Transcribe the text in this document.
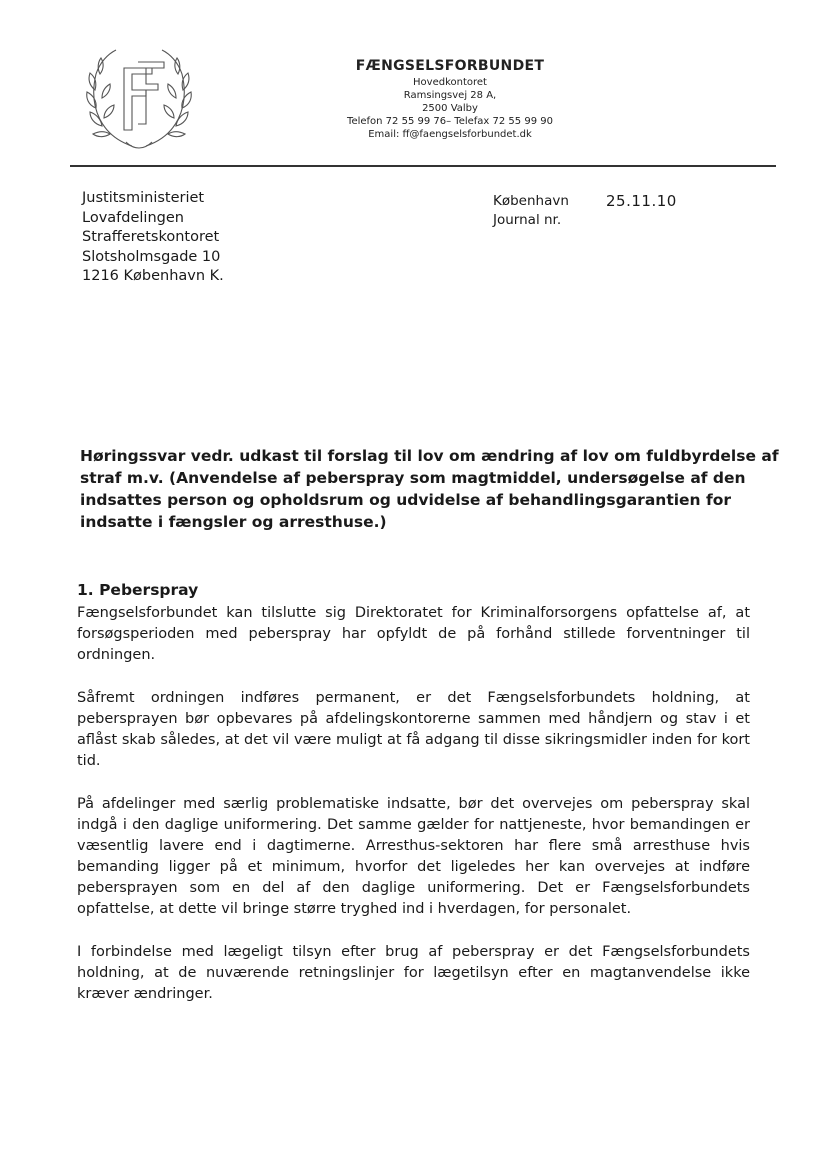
FÆNGSELSFORBUNDET
Hovedkontoret
Ramsingsvej 28 A,
2500 Valby
Telefon 72 55 99 76– Telefax 72 55 99 90
Email: ff@faengselsforbundet.dk
Justitsministeriet
Lovafdelingen
Strafferetskontoret
Slotsholmsgade 10
1216 København K.
København
Journal nr.
25.11.10
Høringssvar vedr. udkast til forslag til lov om ændring af lov om fuldbyrdelse af straf m.v. (Anvendelse af peberspray som magtmiddel, undersøgelse af den indsattes person og opholdsrum og udvidelse af behandlingsgarantien for indsatte i fængsler og arresthuse.)
1. Peberspray

Fængselsforbundet kan tilslutte sig Direktoratet for Kriminalforsorgens opfattelse af, at forsøgsperioden med peberspray har opfyldt de på forhånd stillede forventninger til ordningen.

Såfremt ordningen indføres permanent, er det Fængselsforbundets holdning, at pebersprayen bør opbevares på afdelingskontorerne sammen med håndjern og stav i et aflåst skab således, at det vil være muligt at få adgang til disse sikringsmidler inden for kort tid.

På afdelinger med særlig problematiske indsatte, bør det overvejes om peberspray skal indgå i den daglige uniformering. Det samme gælder for nattjeneste, hvor bemandingen er væsentlig lavere end i dagtimerne. Arresthus-sektoren har flere små arresthuse hvis bemanding ligger på et minimum, hvorfor det ligeledes her kan overvejes at indføre pebersprayen som en del af den daglige uniformering. Det er Fængselsforbundets opfattelse, at dette vil bringe større tryghed ind i hverdagen, for personalet.

I forbindelse med lægeligt tilsyn efter brug af peberspray er det Fængselsforbundets holdning, at de nuværende retningslinjer for lægetilsyn efter en magtanvendelse ikke kræver ændringer.
